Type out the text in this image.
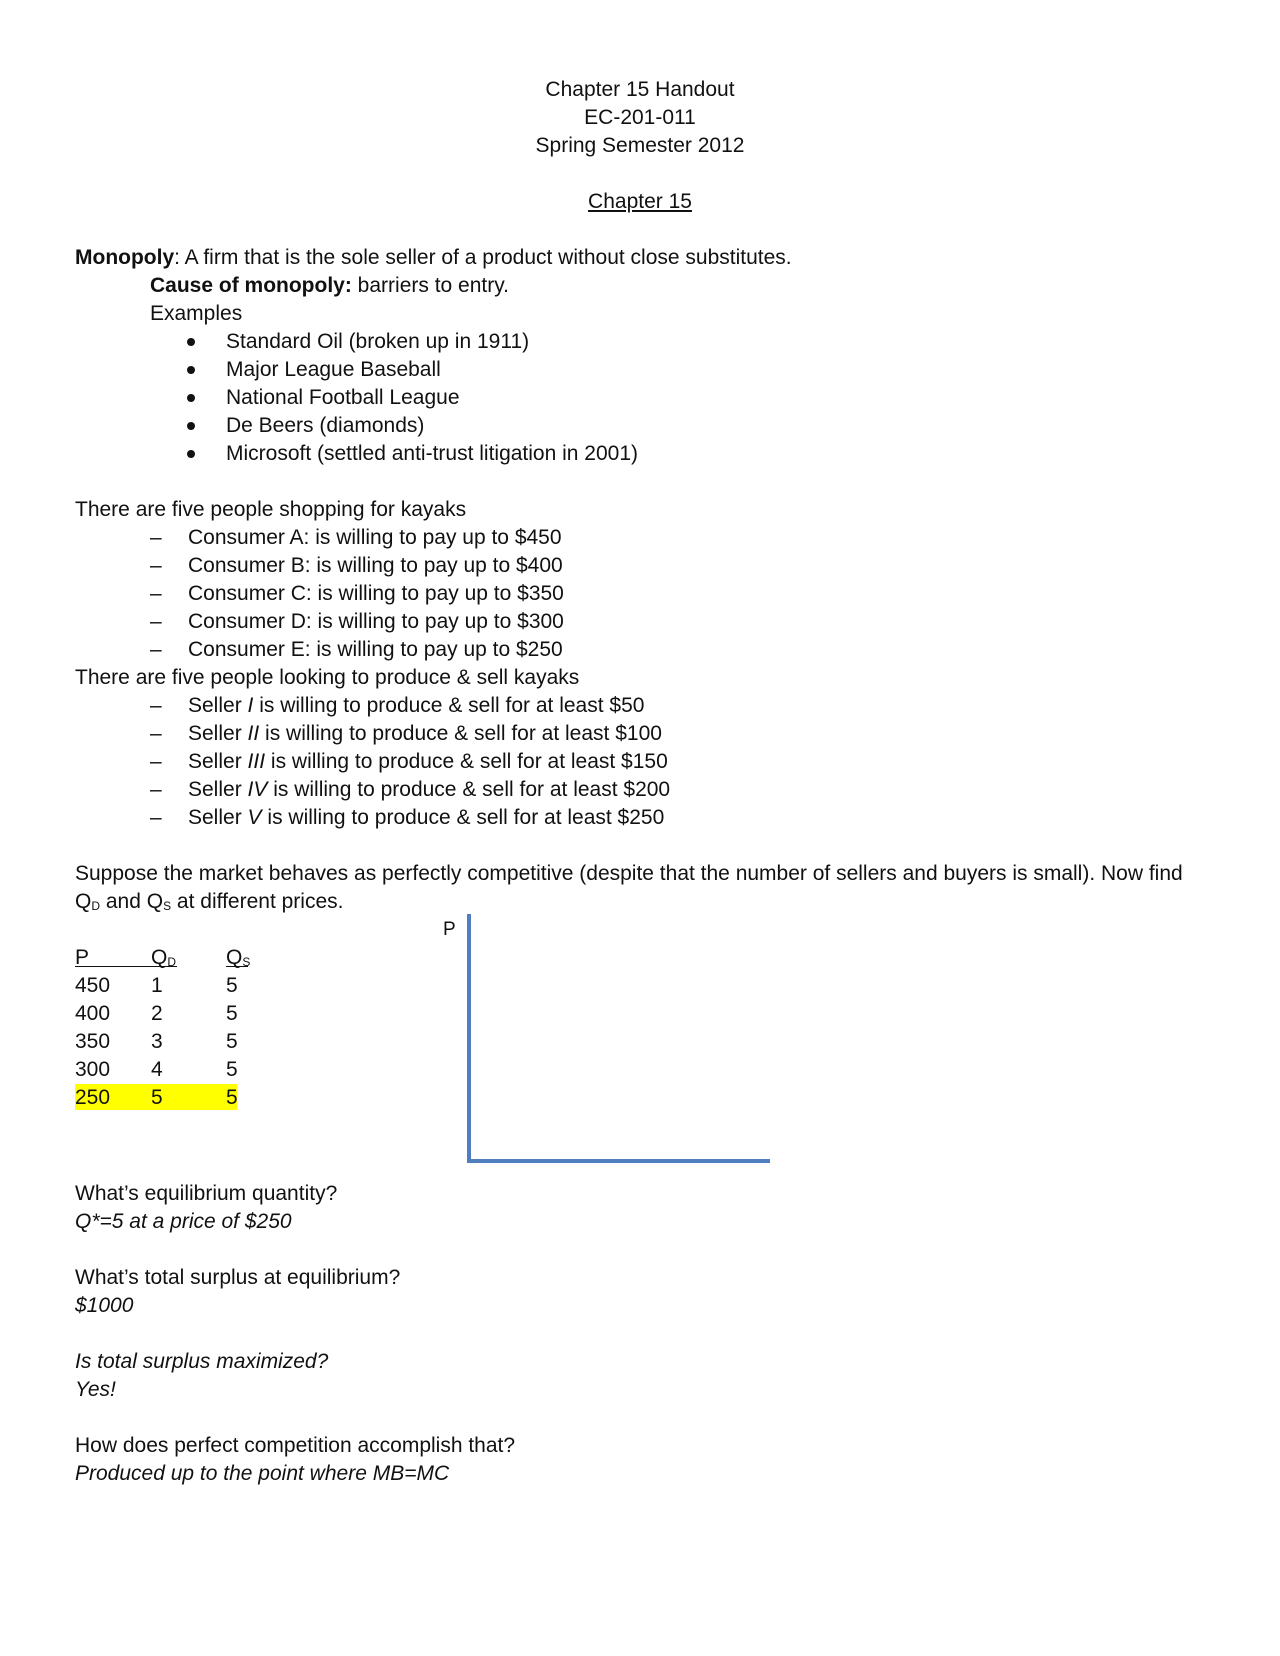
Chapter 15 Handout
EC-201-011
Spring Semester 2012
Chapter 15
Monopoly: A firm that is the sole seller of a product without close substitutes.
Cause of monopoly: barriers to entry.
Examples
Standard Oil (broken up in 1911)
Major League Baseball
National Football League
De Beers (diamonds)
Microsoft (settled anti-trust litigation in 2001)
There are five people shopping for kayaks
– Consumer A: is willing to pay up to $450
– Consumer B: is willing to pay up to $400
– Consumer C: is willing to pay up to $350
– Consumer D: is willing to pay up to $300
– Consumer E: is willing to pay up to $250
There are five people looking to produce & sell kayaks
– Seller I is willing to produce & sell for at least $50
– Seller II is willing to produce & sell for at least $100
– Seller III is willing to produce & sell for at least $150
– Seller IV is willing to produce & sell for at least $200
– Seller V is willing to produce & sell for at least $250
Suppose the market behaves as perfectly competitive (despite that the number of sellers and buyers is small). Now find
$Q_D$ and $Q_S$ at different prices.
P	$Q_D$ $Q_S$
450 1	5
400 2	5
350 3	5
300 4	5
250 5	5
P
What’s equilibrium quantity?
Q*=5 at a price of $250
What’s total surplus at equilibrium?
$1000
Is total surplus maximized?
Yes!
How does perfect competition accomplish that?
Produced up to the point where MB=MC
